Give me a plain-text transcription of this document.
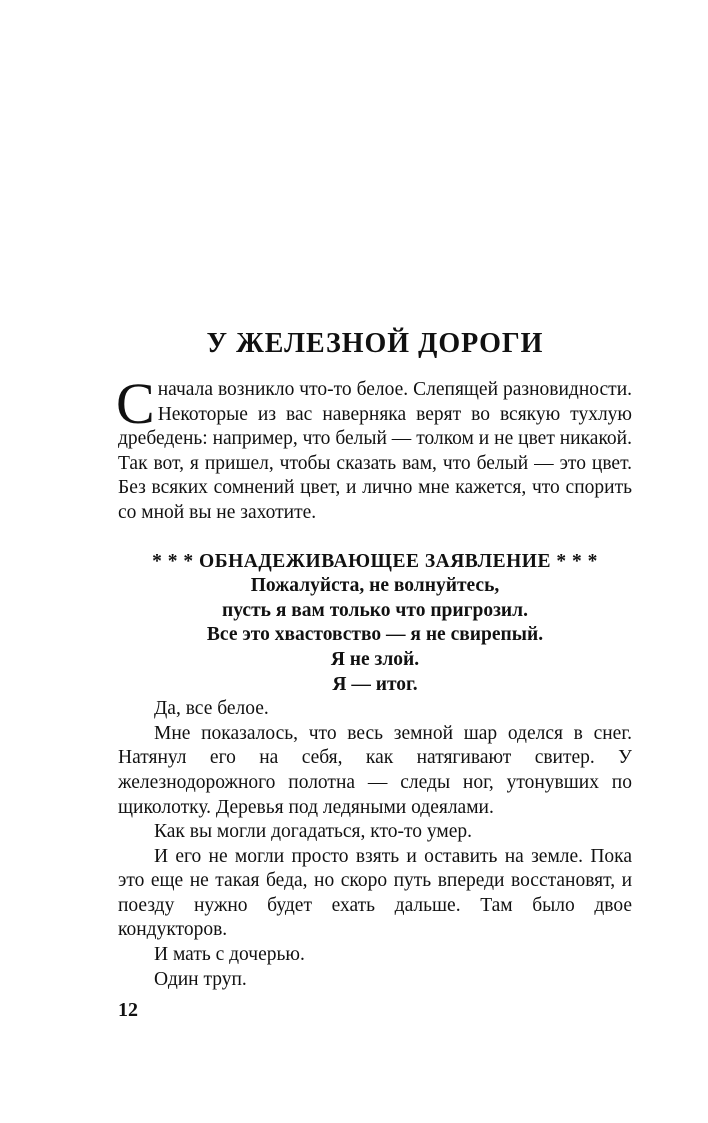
У ЖЕЛЕЗНОЙ ДОРОГИ

Сначала возникло что-то белое. Слепящей разновидности. Некоторые из вас наверняка верят во всякую тухлую дребедень: например, что белый — толком и не цвет никакой. Так вот, я пришел, чтобы сказать вам, что белый — это цвет. Без всяких сомнений цвет, и лично мне кажется, что спорить со мной вы не захотите.

* * * ОБНАДЕЖИВАЮЩЕЕ ЗАЯВЛЕНИЕ * * *
Пожалуйста, не волнуйтесь,
пусть я вам только что пригрозил.
Все это хвастовство — я не свирепый.
Я не злой.
Я — итог.

Да, все белое.

Мне показалось, что весь земной шар оделся в снег. Натянул его на себя, как натягивают свитер. У железнодорожного полотна — следы ног, утонувших по щиколотку. Деревья под ледяными одеялами.

Как вы могли догадаться, кто-то умер.

И его не могли просто взять и оставить на земле. Пока это еще не такая беда, но скоро путь впереди восстановят, и поезду нужно будет ехать дальше. Там было двое кондукторов.

И мать с дочерью.

Один труп.

12
